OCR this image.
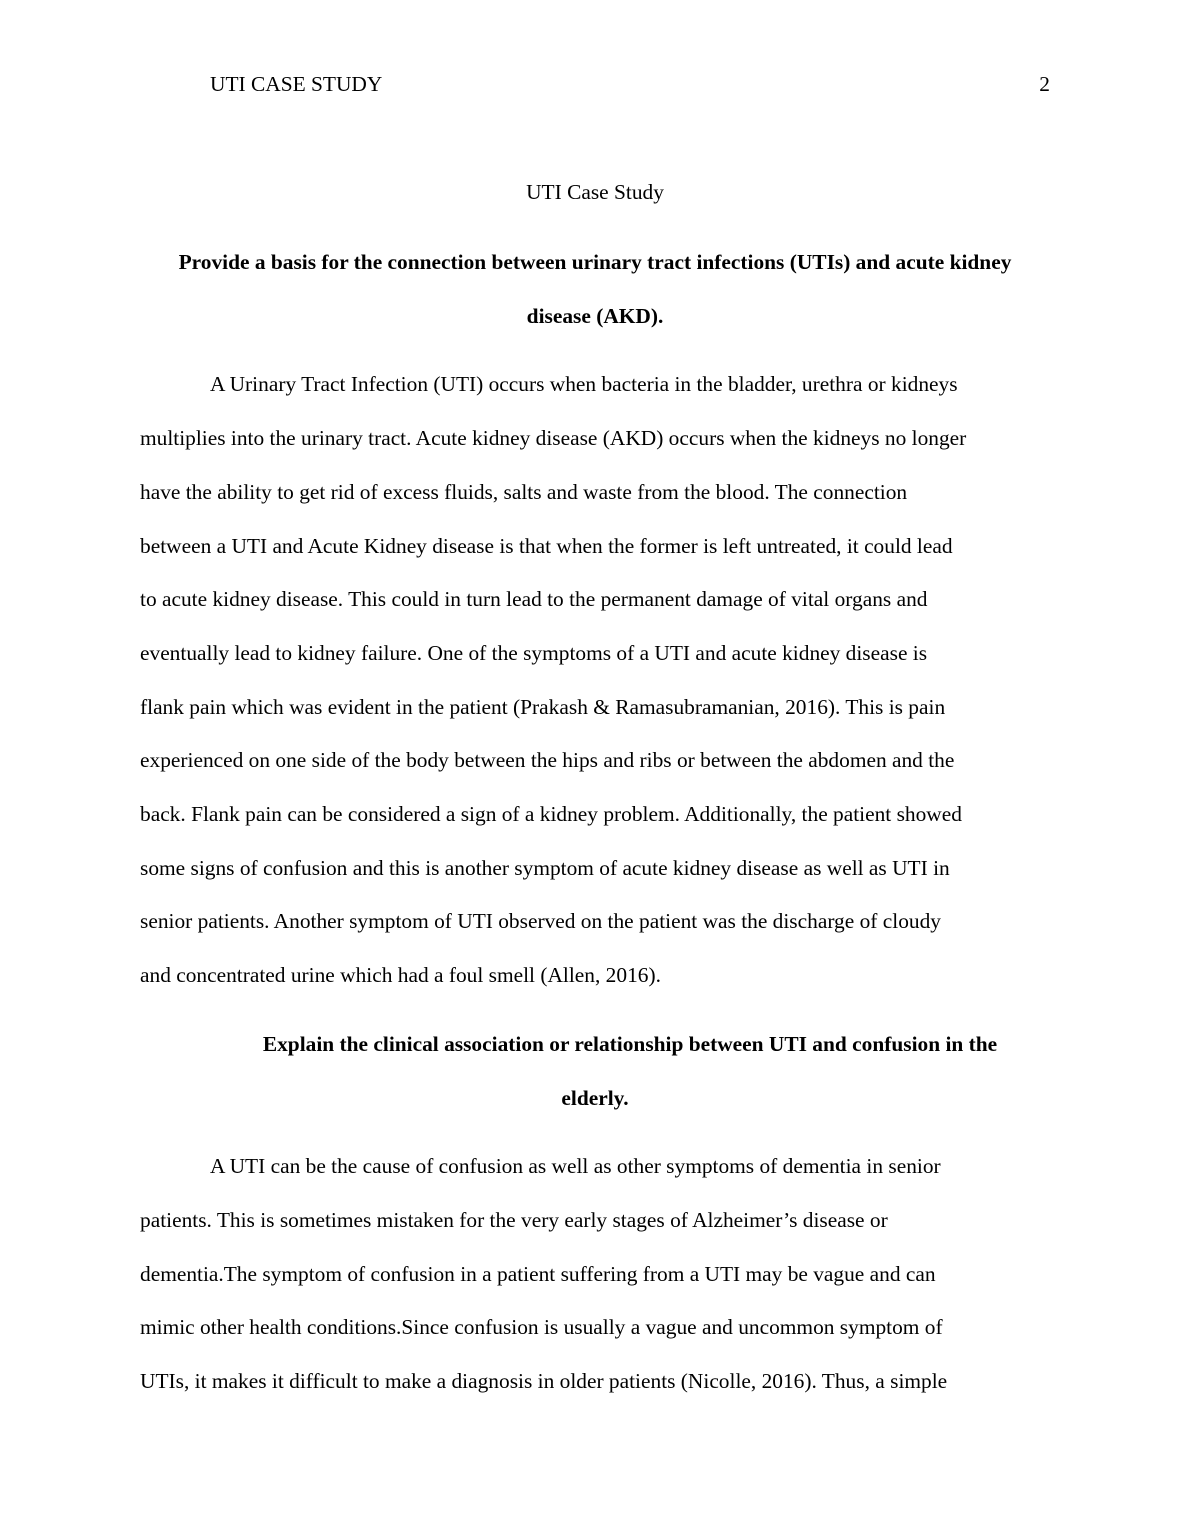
UTI CASE STUDY	2
UTI Case Study
Provide a basis for the connection between urinary tract infections (UTIs) and acute kidney
disease (AKD).

A Urinary Tract Infection (UTI) occurs when bacteria in the bladder, urethra or kidneys
multiplies into the urinary tract. Acute kidney disease (AKD) occurs when the kidneys no longer
have the ability to get rid of excess fluids, salts and waste from the blood. The connection
between a UTI and Acute Kidney disease is that when the former is left untreated, it could lead
to acute kidney disease. This could in turn lead to the permanent damage of vital organs and
eventually lead to kidney failure. One of the symptoms of a UTI and acute kidney disease is
flank pain which was evident in the patient (Prakash & Ramasubramanian, 2016). This is pain
experienced on one side of the body between the hips and ribs or between the abdomen and the
back. Flank pain can be considered a sign of a kidney problem. Additionally, the patient showed
some signs of confusion and this is another symptom of acute kidney disease as well as UTI in
senior patients. Another symptom of UTI observed on the patient was the discharge of cloudy
and concentrated urine which had a foul smell (Allen, 2016).

Explain the clinical association or relationship between UTI and confusion in the
elderly.

A UTI can be the cause of confusion as well as other symptoms of dementia in senior
patients. This is sometimes mistaken for the very early stages of Alzheimer’s disease or
dementia.The symptom of confusion in a patient suffering from a UTI may be vague and can
mimic other health conditions.Since confusion is usually a vague and uncommon symptom of
UTIs, it makes it difficult to make a diagnosis in older patients (Nicolle, 2016). Thus, a simple
